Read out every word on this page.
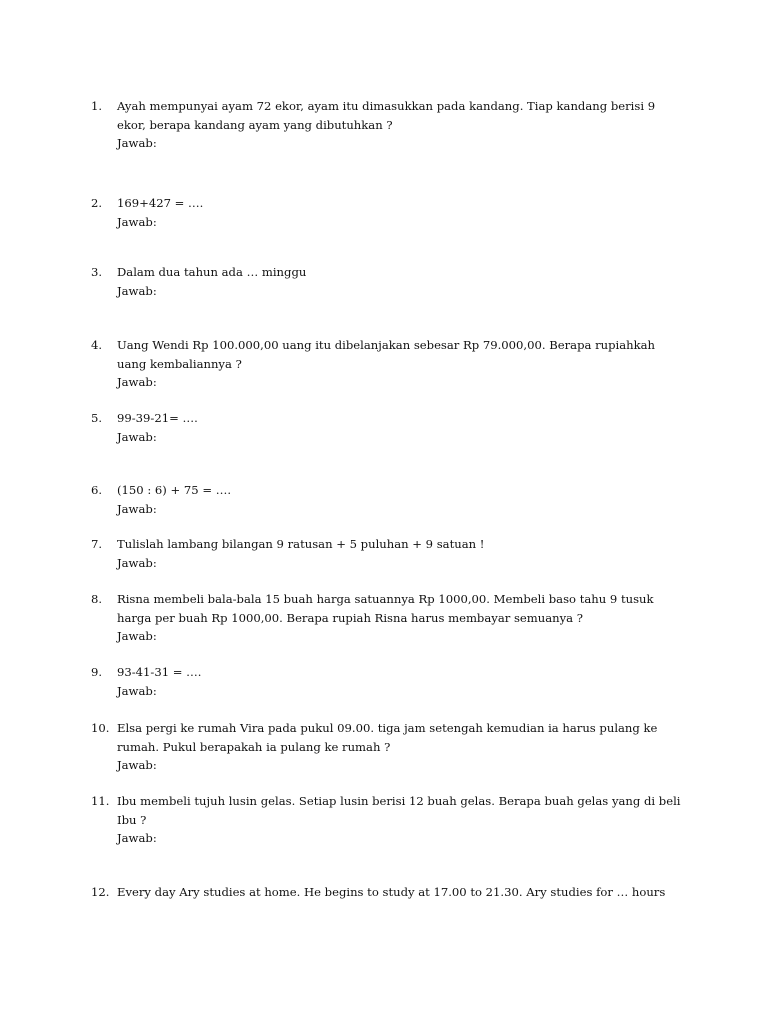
1.	Ayah mempunyai ayam 72 ekor, ayam itu dimasukkan pada kandang. Tiap kandang berisi 9
ekor, berapa kandang ayam yang dibutuhkan ?
Jawab:
2.	169+427 = ….
Jawab:
3.	Dalam dua tahun ada … minggu
Jawab:
4.	Uang Wendi Rp 100.000,00 uang itu dibelanjakan sebesar Rp 79.000,00. Berapa rupiahkah
uang kembaliannya ?
Jawab:
5.	99-39-21= ….
Jawab:
6.	(150 : 6) + 75 = ….
Jawab:
7.	Tulislah lambang bilangan 9 ratusan + 5 puluhan + 9 satuan !
Jawab:
8.	Risna membeli bala-bala 15 buah harga satuannya Rp 1000,00. Membeli baso tahu 9 tusuk
harga per buah Rp 1000,00. Berapa rupiah Risna harus membayar semuanya ?
Jawab:
9.	93-41-31 = ….
Jawab:
10. Elsa pergi ke rumah Vira pada pukul 09.00. tiga jam setengah kemudian ia harus pulang ke
rumah. Pukul berapakah ia pulang ke rumah ?
Jawab:
11. Ibu membeli tujuh lusin gelas. Setiap lusin berisi 12 buah gelas. Berapa buah gelas yang di beli
Ibu ?
Jawab:
12. Every day Ary studies at home. He begins to study at 17.00 to 21.30. Ary studies for … hours
